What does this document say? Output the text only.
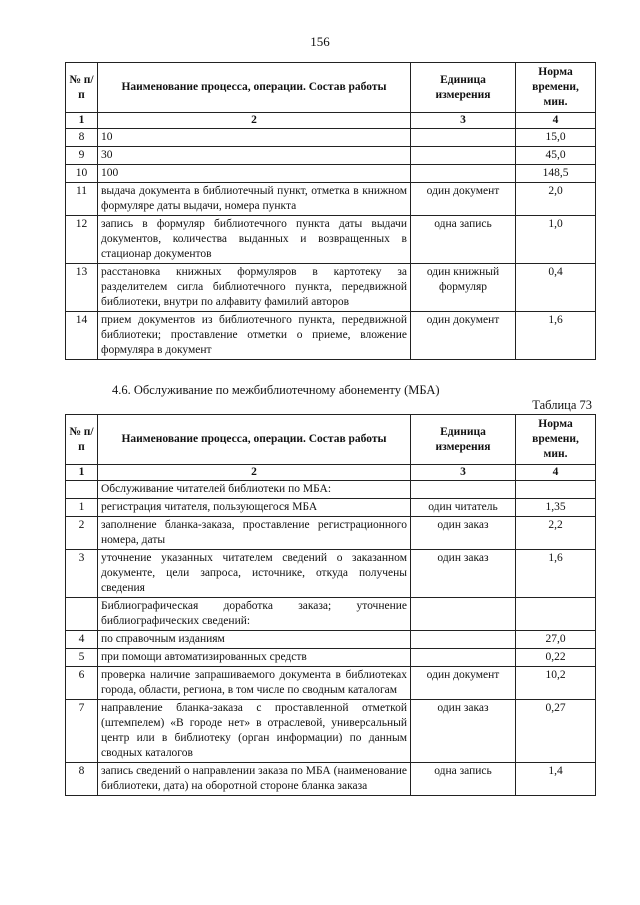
156
№ п/п	Наименование процесса, операции. Состав работы	Единица измерения	Норма времени, мин.
1	2	3	4
8	10		15,0
9	30		45,0
10	100		148,5
11	выдача документа в библиотечный пункт, отметка в книжном формуляре даты выдачи, номера пункта	один документ	2,0
12	запись в формуляр библиотечного пункта даты выдачи документов, количества выданных и возвращенных в стационар документов	одна запись	1,0
13	расстановка книжных формуляров в картотеку за разделителем сигла библиотечного пункта, передвижной библиотеки, внутри по алфавиту фамилий авторов	один книжный формуляр	0,4
14	прием документов из библиотечного пункта, передвижной библиотеки; проставление отметки о приеме, вложение формуляра в документ	один документ	1,6
4.6. Обслуживание по межбиблиотечному абонементу (МБА)
Таблица 73
№ п/п	Наименование процесса, операции. Состав работы	Единица измерения	Норма времени, мин.
1	2	3	4
	Обслуживание читателей библиотеки по МБА:		
1	регистрация читателя, пользующегося МБА	один читатель	1,35
2	заполнение бланка-заказа, проставление регистрационного номера, даты	один заказ	2,2
3	уточнение указанных читателем сведений о заказанном документе, цели запроса, источнике, откуда получены сведения	один заказ	1,6
	Библиографическая доработка заказа; уточнение библиографических сведений:		
4	по справочным изданиям		27,0
5	при помощи автоматизированных средств		0,22
6	проверка наличие запрашиваемого документа в библиотеках города, области, региона, в том числе по сводным каталогам	один документ	10,2
7	направление бланка-заказа с проставленной отметкой (штемпелем) «В городе нет» в отраслевой, универсальный центр или в библиотеку (орган информации) по данным сводных каталогов	один заказ	0,27
8	запись сведений о направлении заказа по МБА (наименование библиотеки, дата) на оборотной стороне бланка заказа	одна запись	1,4
